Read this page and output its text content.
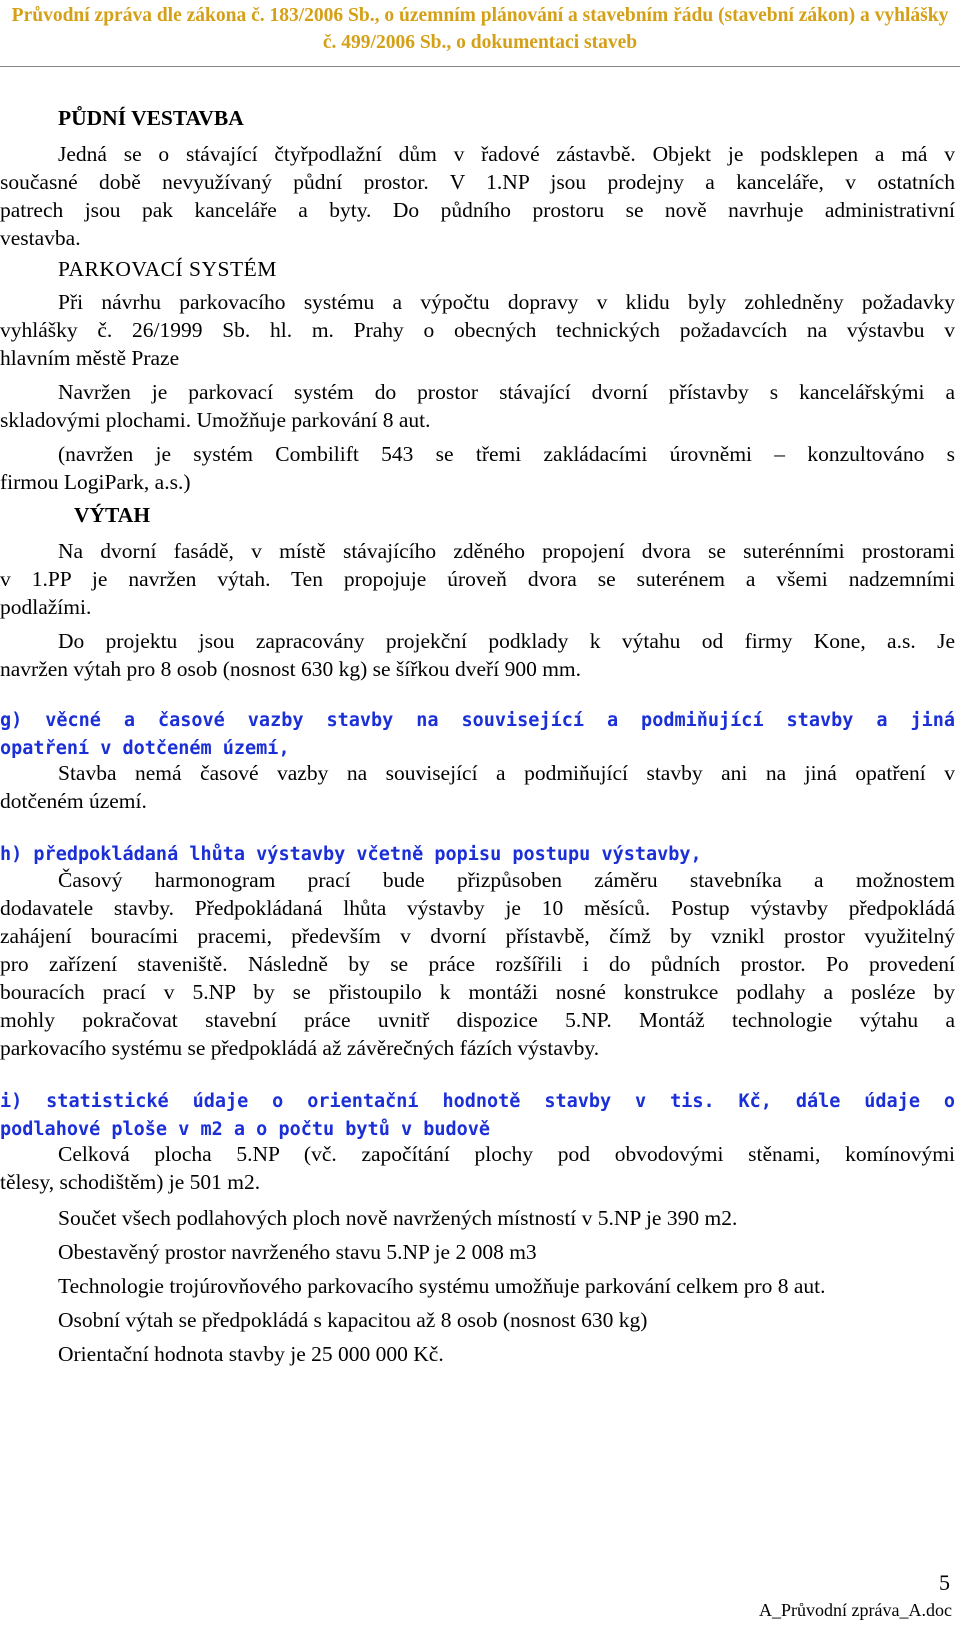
Průvodní zpráva dle zákona č. 183/2006 Sb., o územním plánování a stavebním řádu (stavební zákon) a vyhlášky
č. 499/2006 Sb., o dokumentaci staveb
PŮDNÍ VESTAVBA
Jedná se o stávající čtyřpodlažní dům v řadové zástavbě. Objekt je podsklepen a má v
současné době nevyužívaný půdní prostor. V 1.NP jsou prodejny a kanceláře, v ostatních
patrech jsou pak kanceláře a byty. Do půdního prostoru se nově navrhuje administrativní
vestavba.
PARKOVACÍ SYSTÉM
Při návrhu parkovacího systému a výpočtu dopravy v klidu byly zohledněny požadavky
vyhlášky č. 26/1999 Sb. hl. m. Prahy o obecných technických požadavcích na výstavbu v
hlavním městě Praze
Navržen je parkovací systém do prostor stávající dvorní přístavby s kancelářskými a
skladovými plochami. Umožňuje parkování 8 aut.
(navržen je systém Combilift 543 se třemi zakládacími úrovněmi – konzultováno s
firmou LogiPark, a.s.)
VÝTAH
Na dvorní fasádě, v místě stávajícího zděného propojení dvora se suterénními prostorami
v 1.PP je navržen výtah. Ten propojuje úroveň dvora se suterénem a všemi nadzemními
podlažími.
Do projektu jsou zapracovány projekční podklady k výtahu od firmy Kone, a.s. Je
navržen výtah pro 8 osob (nosnost 630 kg) se šířkou dveří 900 mm.
g) věcné a časové vazby stavby na související a podmiňující stavby a jiná
opatření v dotčeném území,
Stavba nemá časové vazby na související a podmiňující stavby ani na jiná opatření v
dotčeném území.
h) předpokládaná lhůta výstavby včetně popisu postupu výstavby,
Časový harmonogram prací bude přizpůsoben záměru stavebníka a možnostem
dodavatele stavby. Předpokládaná lhůta výstavby je 10 měsíců. Postup výstavby předpokládá
zahájení bouracími pracemi, především v dvorní přístavbě, čímž by vznikl prostor využitelný
pro zařízení staveniště. Následně by se práce rozšířili i do půdních prostor. Po provedení
bouracích prací v 5.NP by se přistoupilo k montáži nosné konstrukce podlahy a posléze by
mohly pokračovat stavební práce uvnitř dispozice 5.NP. Montáž technologie výtahu a
parkovacího systému se předpokládá až závěrečných fázích výstavby.
i) statistické údaje o orientační hodnotě stavby v tis. Kč, dále údaje o
podlahové ploše v m2 a o počtu bytů v budově
Celková plocha 5.NP (vč. započítání plochy pod obvodovými stěnami, komínovými
tělesy, schodištěm) je 501 m2.
Součet všech podlahových ploch nově navržených místností v 5.NP je 390 m2.
Obestavěný prostor navrženého stavu 5.NP je 2 008 m3
Technologie trojúrovňového parkovacího systému umožňuje parkování celkem pro 8 aut.
Osobní výtah se předpokládá s kapacitou až 8 osob (nosnost 630 kg)
Orientační hodnota stavby je 25 000 000 Kč.
5
A_Průvodní zpráva_A.doc
